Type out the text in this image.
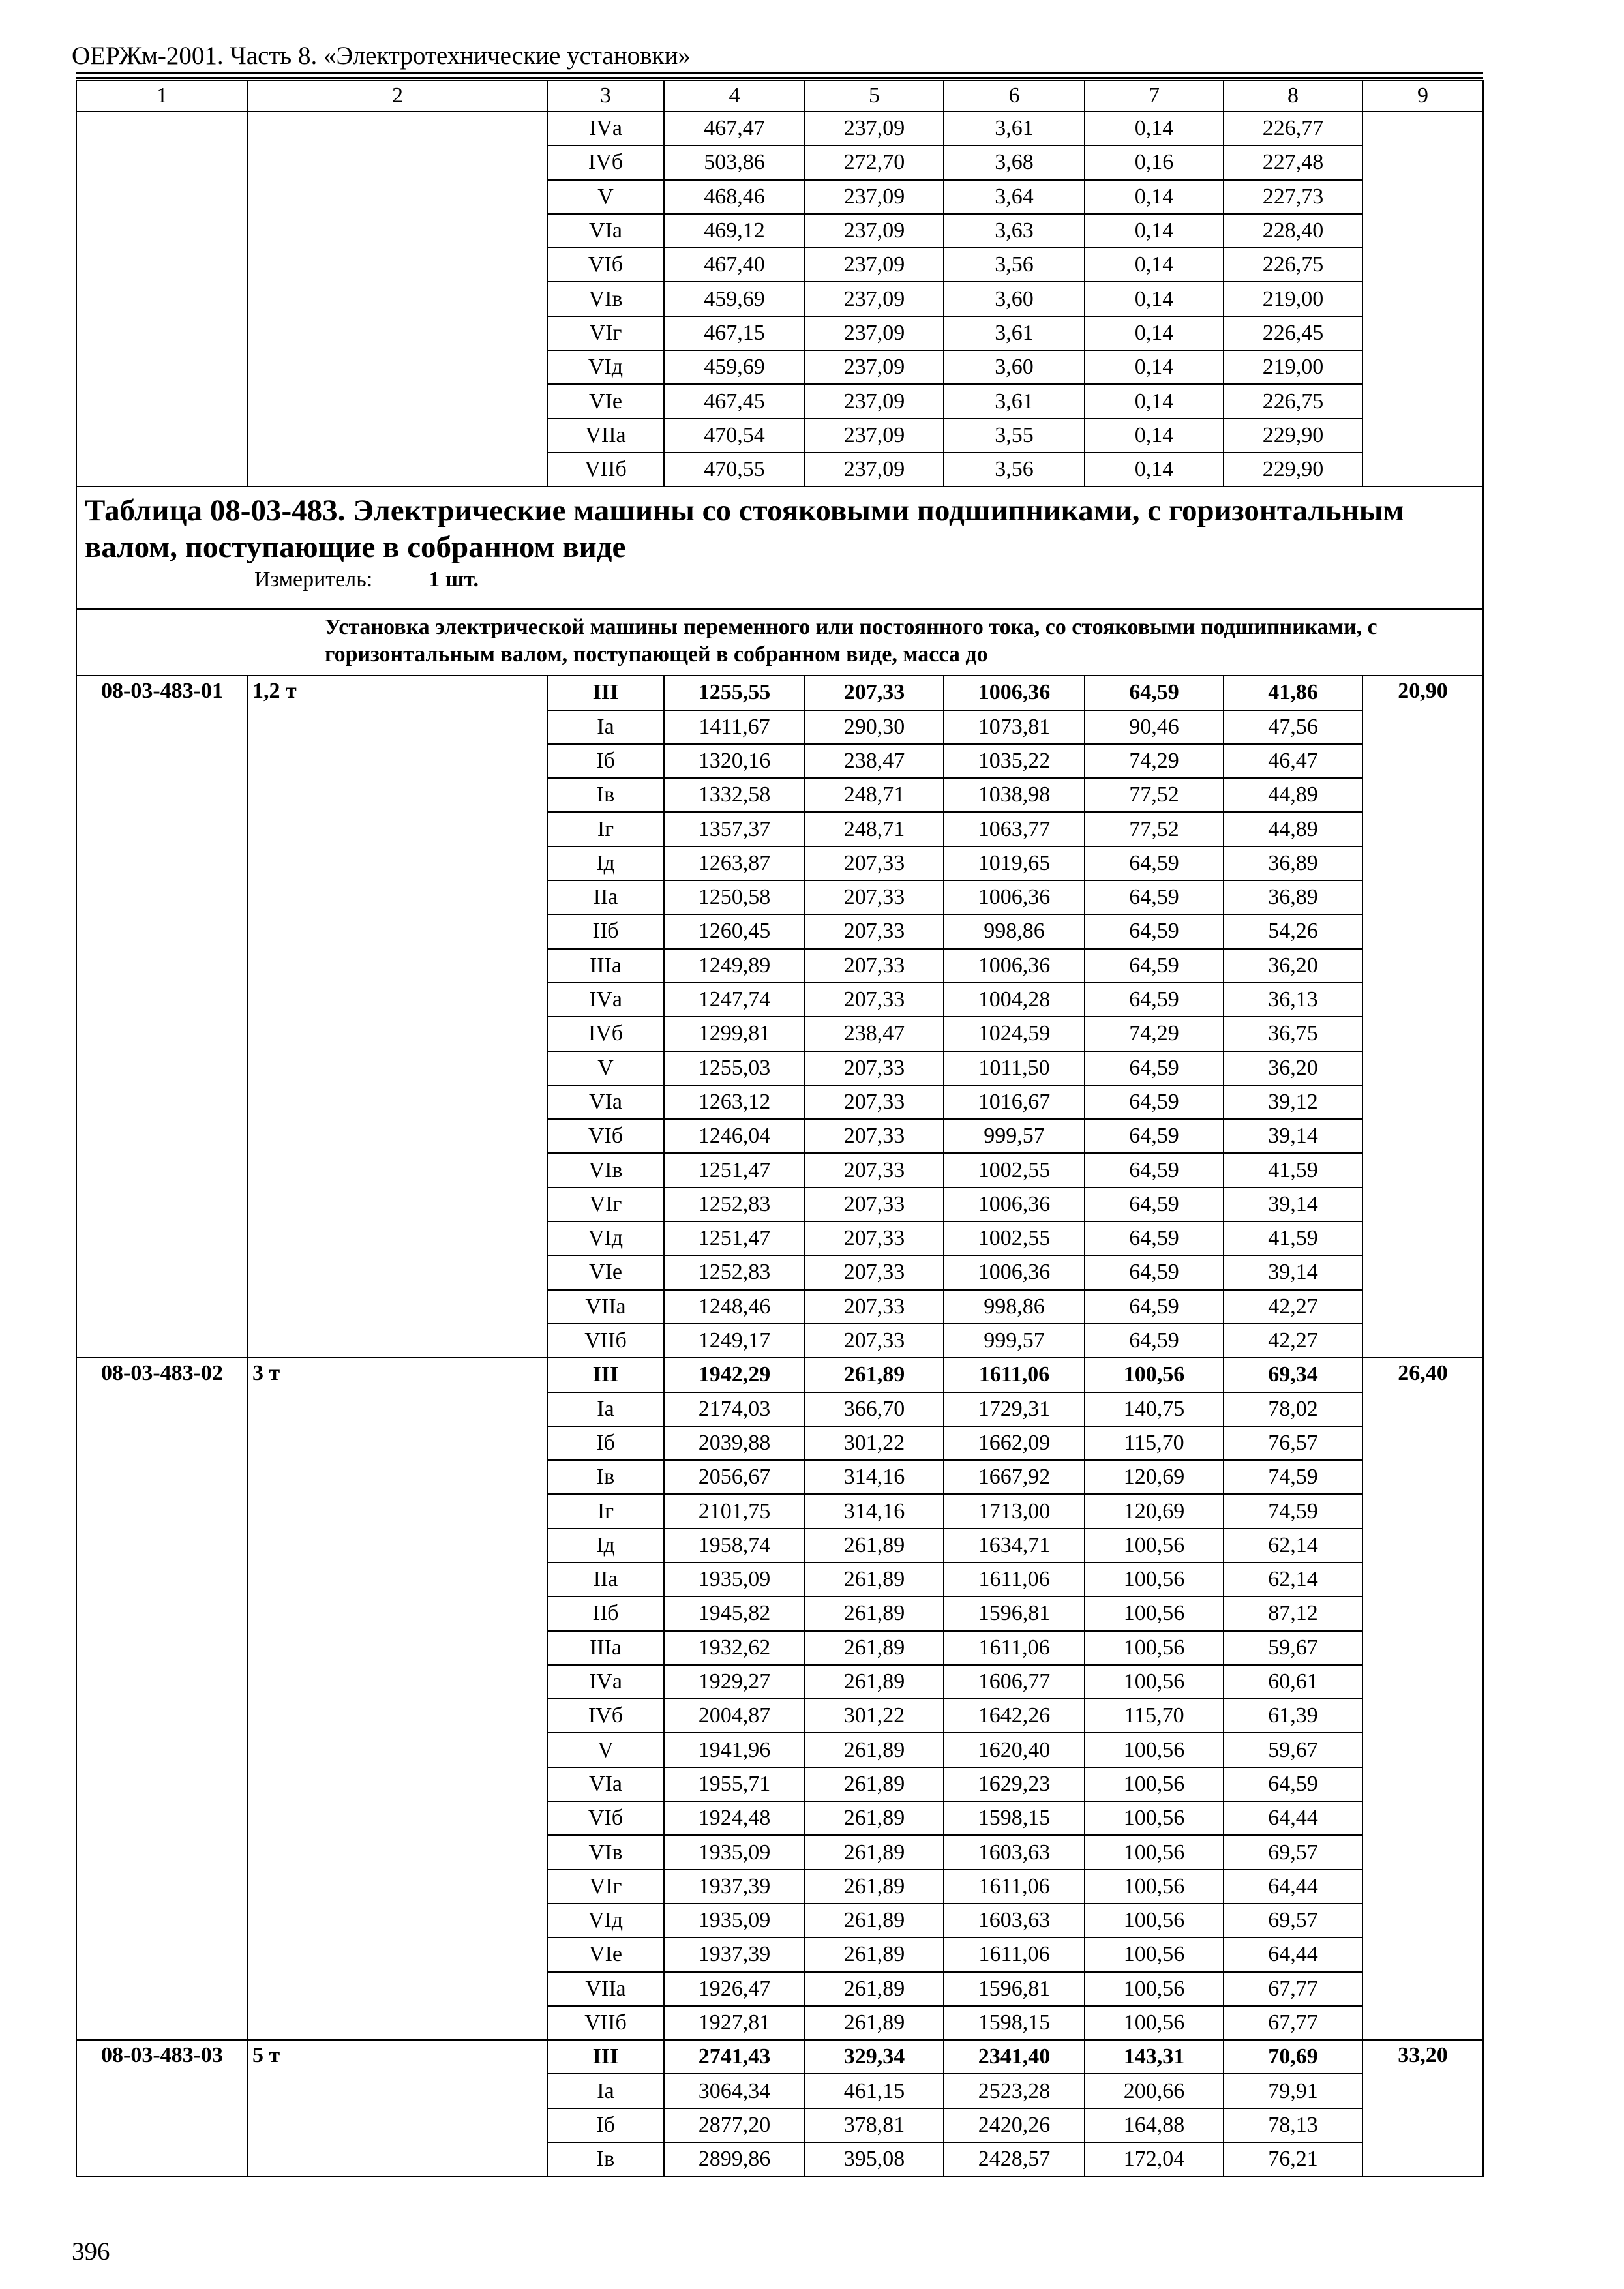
ОЕРЖм-2001. Часть 8. «Электротехнические установки»
1	2	3	4	5	6	7	8	9
		IVа	467,47	237,09	3,61	0,14	226,77	
		IVб	503,86	272,70	3,68	0,16	227,48	
		V	468,46	237,09	3,64	0,14	227,73	
		VIа	469,12	237,09	3,63	0,14	228,40	
		VIб	467,40	237,09	3,56	0,14	226,75	
		VIв	459,69	237,09	3,60	0,14	219,00	
		VIг	467,15	237,09	3,61	0,14	226,45	
		VIд	459,69	237,09	3,60	0,14	219,00	
		VIе	467,45	237,09	3,61	0,14	226,75	
		VIIа	470,54	237,09	3,55	0,14	229,90	
		VIIб	470,55	237,09	3,56	0,14	229,90	

Таблица 08-03-483. Электрические машины со стояковыми подшипниками, с горизонтальным валом, поступающие в собранном виде
Измеритель: 1 шт.								

Установка электрической машины переменного или постоянного тока, со стояковыми подшипниками, с горизонтальным валом, поступающей в собранном виде, масса до								
08-03-483-01	1,2 т	III	1255,55	207,33	1006,36	64,59	41,86	20,90
		Iа	1411,67	290,30	1073,81	90,46	47,56	
		Iб	1320,16	238,47	1035,22	74,29	46,47	
		Iв	1332,58	248,71	1038,98	77,52	44,89	
		Iг	1357,37	248,71	1063,77	77,52	44,89	
		Iд	1263,87	207,33	1019,65	64,59	36,89	
		IIа	1250,58	207,33	1006,36	64,59	36,89	
		IIб	1260,45	207,33	998,86	64,59	54,26	
		IIIа	1249,89	207,33	1006,36	64,59	36,20	
		IVа	1247,74	207,33	1004,28	64,59	36,13	
		IVб	1299,81	238,47	1024,59	74,29	36,75	
		V	1255,03	207,33	1011,50	64,59	36,20	
		VIа	1263,12	207,33	1016,67	64,59	39,12	
		VIб	1246,04	207,33	999,57	64,59	39,14	
		VIв	1251,47	207,33	1002,55	64,59	41,59	
		VIг	1252,83	207,33	1006,36	64,59	39,14	
		VIд	1251,47	207,33	1002,55	64,59	41,59	
		VIе	1252,83	207,33	1006,36	64,59	39,14	
		VIIа	1248,46	207,33	998,86	64,59	42,27	
		VIIб	1249,17	207,33	999,57	64,59	42,27	
08-03-483-02	3 т	III	1942,29	261,89	1611,06	100,56	69,34	26,40
		Iа	2174,03	366,70	1729,31	140,75	78,02	
		Iб	2039,88	301,22	1662,09	115,70	76,57	
		Iв	2056,67	314,16	1667,92	120,69	74,59	
		Iг	2101,75	314,16	1713,00	120,69	74,59	
		Iд	1958,74	261,89	1634,71	100,56	62,14	
		IIа	1935,09	261,89	1611,06	100,56	62,14	
		IIб	1945,82	261,89	1596,81	100,56	87,12	
		IIIа	1932,62	261,89	1611,06	100,56	59,67	
		IVа	1929,27	261,89	1606,77	100,56	60,61	
		IVб	2004,87	301,22	1642,26	115,70	61,39	
		V	1941,96	261,89	1620,40	100,56	59,67	
		VIа	1955,71	261,89	1629,23	100,56	64,59	
		VIб	1924,48	261,89	1598,15	100,56	64,44	
		VIв	1935,09	261,89	1603,63	100,56	69,57	
		VIг	1937,39	261,89	1611,06	100,56	64,44	
		VIд	1935,09	261,89	1603,63	100,56	69,57	
		VIе	1937,39	261,89	1611,06	100,56	64,44	
		VIIа	1926,47	261,89	1596,81	100,56	67,77	
		VIIб	1927,81	261,89	1598,15	100,56	67,77	
08-03-483-03	5 т	III	2741,43	329,34	2341,40	143,31	70,69	33,20
		Iа	3064,34	461,15	2523,28	200,66	79,91	
		Iб	2877,20	378,81	2420,26	164,88	78,13	
		Iв	2899,86	395,08	2428,57	172,04	76,21	
396
